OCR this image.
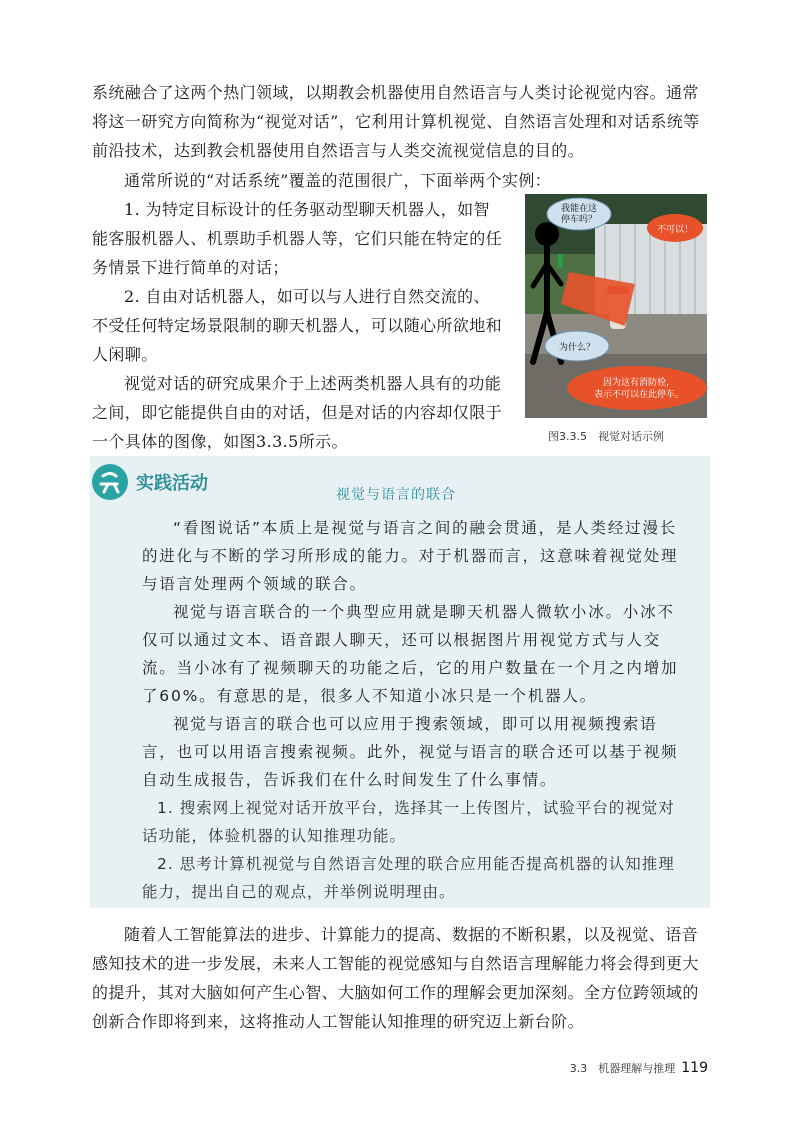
系统融合了这两个热门领域，以期教会机器使用自然语言与人类讨论视觉内容。通常将这一研究方向简称为“视觉对话”，它利用计算机视觉、自然语言处理和对话系统等前沿技术，达到教会机器使用自然语言与人类交流视觉信息的目的。

通常所说的“对话系统”覆盖的范围很广，下面举两个实例：

1. 为特定目标设计的任务驱动型聊天机器人，如智能客服机器人、机票助手机器人等，它们只能在特定的任务情景下进行简单的对话；

2. 自由对话机器人，如可以与人进行自然交流的、不受任何特定场景限制的聊天机器人，可以随心所欲地和人闲聊。

视觉对话的研究成果介于上述两类机器人具有的功能之间，即它能提供自由的对话，但是对话的内容却仅限于一个具体的图像，如图3.3.5所示。

我能在这
停车吗？
不可以！
为什么？
因为这有消防栓，
表示不可以在此停车。
图3.3.5　视觉对话示例
实践活动
视觉与语言的联合

“看图说话”本质上是视觉与语言之间的融会贯通，是人类经过漫长的进化与不断的学习所形成的能力。对于机器而言，这意味着视觉处理与语言处理两个领域的联合。

视觉与语言联合的一个典型应用就是聊天机器人微软小冰。小冰不仅可以通过文本、语音跟人聊天，还可以根据图片用视觉方式与人交流。当小冰有了视频聊天的功能之后，它的用户数量在一个月之内增加了60%。有意思的是，很多人不知道小冰只是一个机器人。

视觉与语言的联合也可以应用于搜索领域，即可以用视频搜索语言，也可以用语言搜索视频。此外，视觉与语言的联合还可以基于视频自动生成报告，告诉我们在什么时间发生了什么事情。

1. 搜索网上视觉对话开放平台，选择其一上传图片，试验平台的视觉对话功能，体验机器的认知推理功能。

2. 思考计算机视觉与自然语言处理的联合应用能否提高机器的认知推理能力，提出自己的观点，并举例说明理由。

随着人工智能算法的进步、计算能力的提高、数据的不断积累，以及视觉、语音感知技术的进一步发展，未来人工智能的视觉感知与自然语言理解能力将会得到更大的提升，其对大脑如何产生心智、大脑如何工作的理解会更加深刻。全方位跨领域的创新合作即将到来，这将推动人工智能认知推理的研究迈上新台阶。

3.3　机器理解与推理 119
